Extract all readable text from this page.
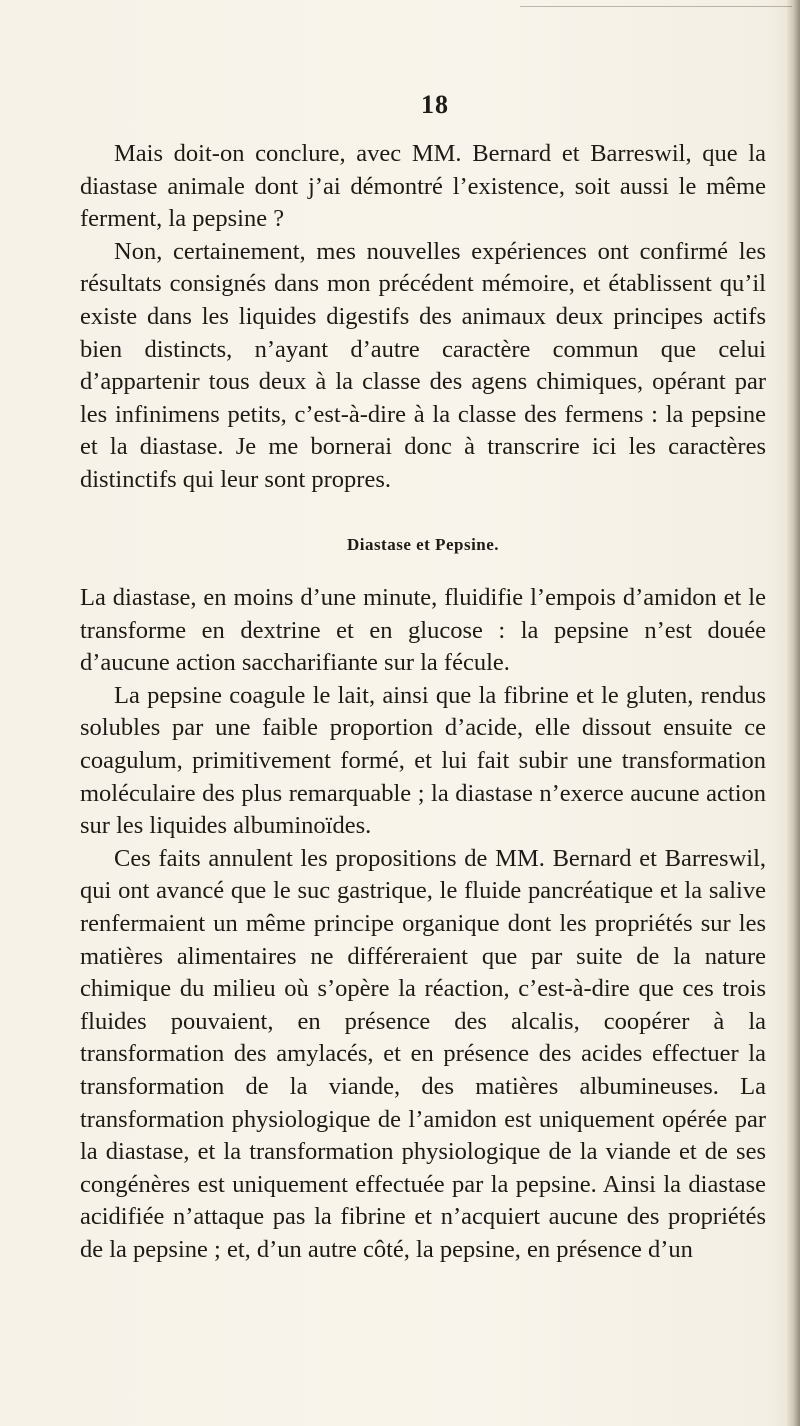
18

Mais doit-on conclure, avec MM. Bernard et Barreswil, que la diastase animale dont j’ai démontré l’existence, soit aussi le même ferment, la pepsine ?

Non, certainement, mes nouvelles expériences ont confirmé les résultats consignés dans mon précédent mémoire, et établissent qu’il existe dans les liquides digestifs des animaux deux principes actifs bien distincts, n’ayant d’autre caractère commun que celui d’appartenir tous deux à la classe des agens chimiques, opérant par les infinimens petits, c’est-à-dire à la classe des fermens : la pepsine et la diastase. Je me bornerai donc à transcrire ici les caractères distinctifs qui leur sont propres.

Diastase et Pepsine.

La diastase, en moins d’une minute, fluidifie l’empois d’amidon et le transforme en dextrine et en glucose : la pepsine n’est douée d’aucune action saccharifiante sur la fécule.

La pepsine coagule le lait, ainsi que la fibrine et le gluten, rendus solubles par une faible proportion d’acide, elle dissout ensuite ce coagulum, primitivement formé, et lui fait subir une transformation moléculaire des plus remarquable ; la diastase n’exerce aucune action sur les liquides albuminoïdes.

Ces faits annulent les propositions de MM. Bernard et Barreswil, qui ont avancé que le suc gastrique, le fluide pancréatique et la salive renfermaient un même principe organique dont les propriétés sur les matières alimentaires ne différeraient que par suite de la nature chimique du milieu où s’opère la réaction, c’est-à-dire que ces trois fluides pouvaient, en présence des alcalis, coopérer à la transformation des amylacés, et en présence des acides effectuer la transformation de la viande, des matières albumineuses. La transformation physiologique de l’amidon est uniquement opérée par la diastase, et la transformation physiologique de la viande et de ses congénères est uniquement effectuée par la pepsine. Ainsi la diastase acidifiée n’attaque pas la fibrine et n’acquiert aucune des propriétés de la pepsine ; et, d’un autre côté, la pepsine, en présence d’un
